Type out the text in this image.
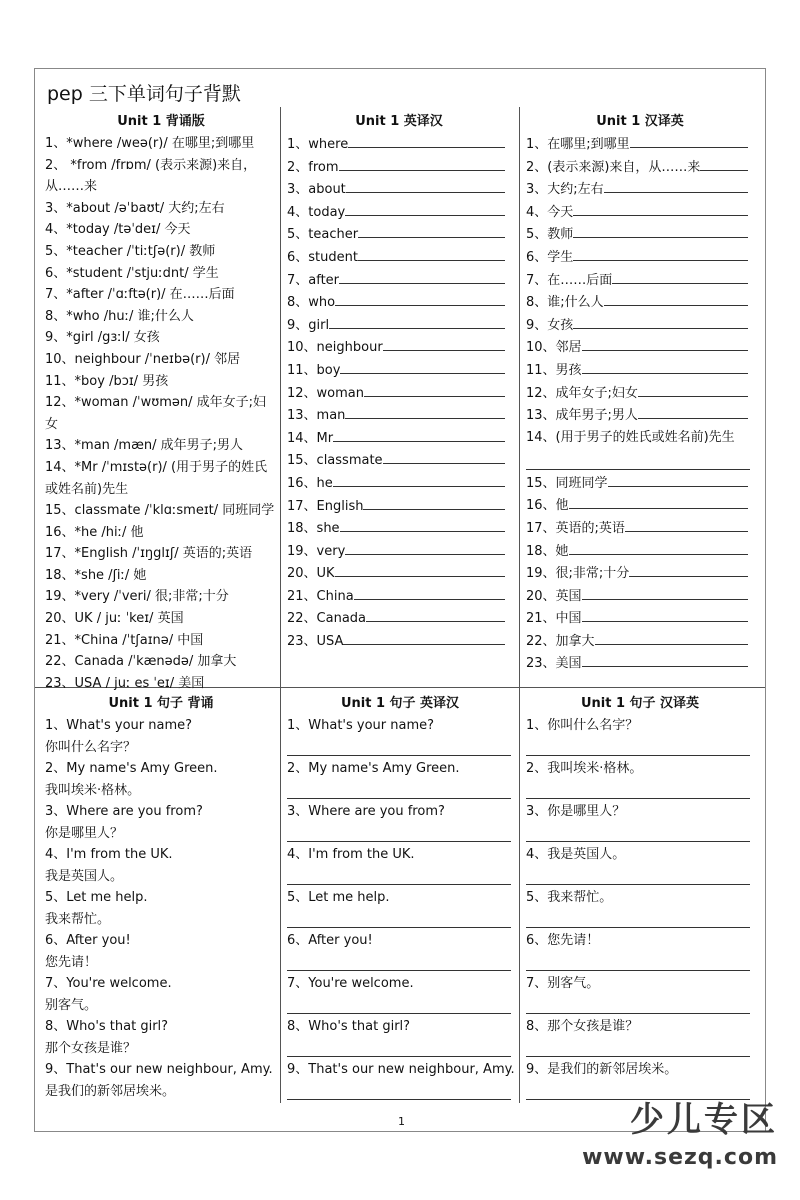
pep 三下单词句子背默
Unit 1 背诵版
1、*where /weə(r)/ 在哪里;到哪里
2、 *from /frɒm/ (表示来源)来自，从……来
3、*about /əˈbaʊt/ 大约;左右
4、*today /təˈdeɪ/ 今天
5、*teacher /ˈtiːtʃə(r)/ 教师
6、*student /ˈstjuːdnt/ 学生
7、*after /ˈɑːftə(r)/ 在……后面
8、*who /huː/ 谁;什么人
9、*girl /gɜːl/ 女孩
10、neighbour /ˈneɪbə(r)/ 邻居
11、*boy /bɔɪ/ 男孩
12、*woman /ˈwʊmən/ 成年女子;妇女
13、*man /mæn/ 成年男子;男人
14、*Mr /ˈmɪstə(r)/ (用于男子的姓氏或姓名前)先生
15、classmate /ˈklɑːsmeɪt/ 同班同学
16、*he /hiː/ 他
17、*English /ˈɪŋglɪʃ/ 英语的;英语
18、*she /ʃiː/ 她
19、*very /ˈveri/ 很;非常;十分
20、UK / juː ˈkeɪ/ 英国
21、*China /ˈtʃaɪnə/ 中国
22、Canada /ˈkænədə/ 加拿大
23、USA / juː es ˈeɪ/ 美国
Unit 1 英译汉
1、where
2、from
3、about
4、today
5、teacher
6、student
7、after
8、who
9、girl
10、neighbour
11、boy
12、woman
13、man
14、Mr
15、classmate
16、he
17、English
18、she
19、very
20、UK
21、China
22、Canada
23、USA
Unit 1 汉译英
1、在哪里;到哪里
2、(表示来源)来自，从……来
3、大约;左右
4、今天
5、教师
6、学生
7、在……后面
8、谁;什么人
9、女孩
10、邻居
11、男孩
12、成年女子;妇女
13、成年男子;男人
14、(用于男子的姓氏或姓名前)先生
15、同班同学
16、他
17、英语的;英语
18、她
19、很;非常;十分
20、英国
21、中国
22、加拿大
23、美国
Unit 1 句子 背诵
1、What's your name?
你叫什么名字？
2、My name's Amy Green.
我叫埃米·格林。
3、Where are you from?
你是哪里人？
4、I'm from the UK.
我是英国人。
5、Let me help.
我来帮忙。
6、After you!
您先请！
7、You're welcome.
别客气。
8、Who's that girl?
那个女孩是谁？
9、That's our new neighbour, Amy.
是我们的新邻居埃米。
Unit 1 句子 英译汉
1、What's your name?
2、My name's Amy Green.
3、Where are you from?
4、I'm from the UK.
5、Let me help.
6、After you!
7、You're welcome.
8、Who's that girl?
9、That's our new neighbour, Amy.
Unit 1 句子 汉译英
1、你叫什么名字？
2、我叫埃米·格林。
3、你是哪里人？
4、我是英国人。
5、我来帮忙。
6、您先请！
7、别客气。
8、那个女孩是谁？
9、是我们的新邻居埃米。
1	少儿专区
www.sezq.com
